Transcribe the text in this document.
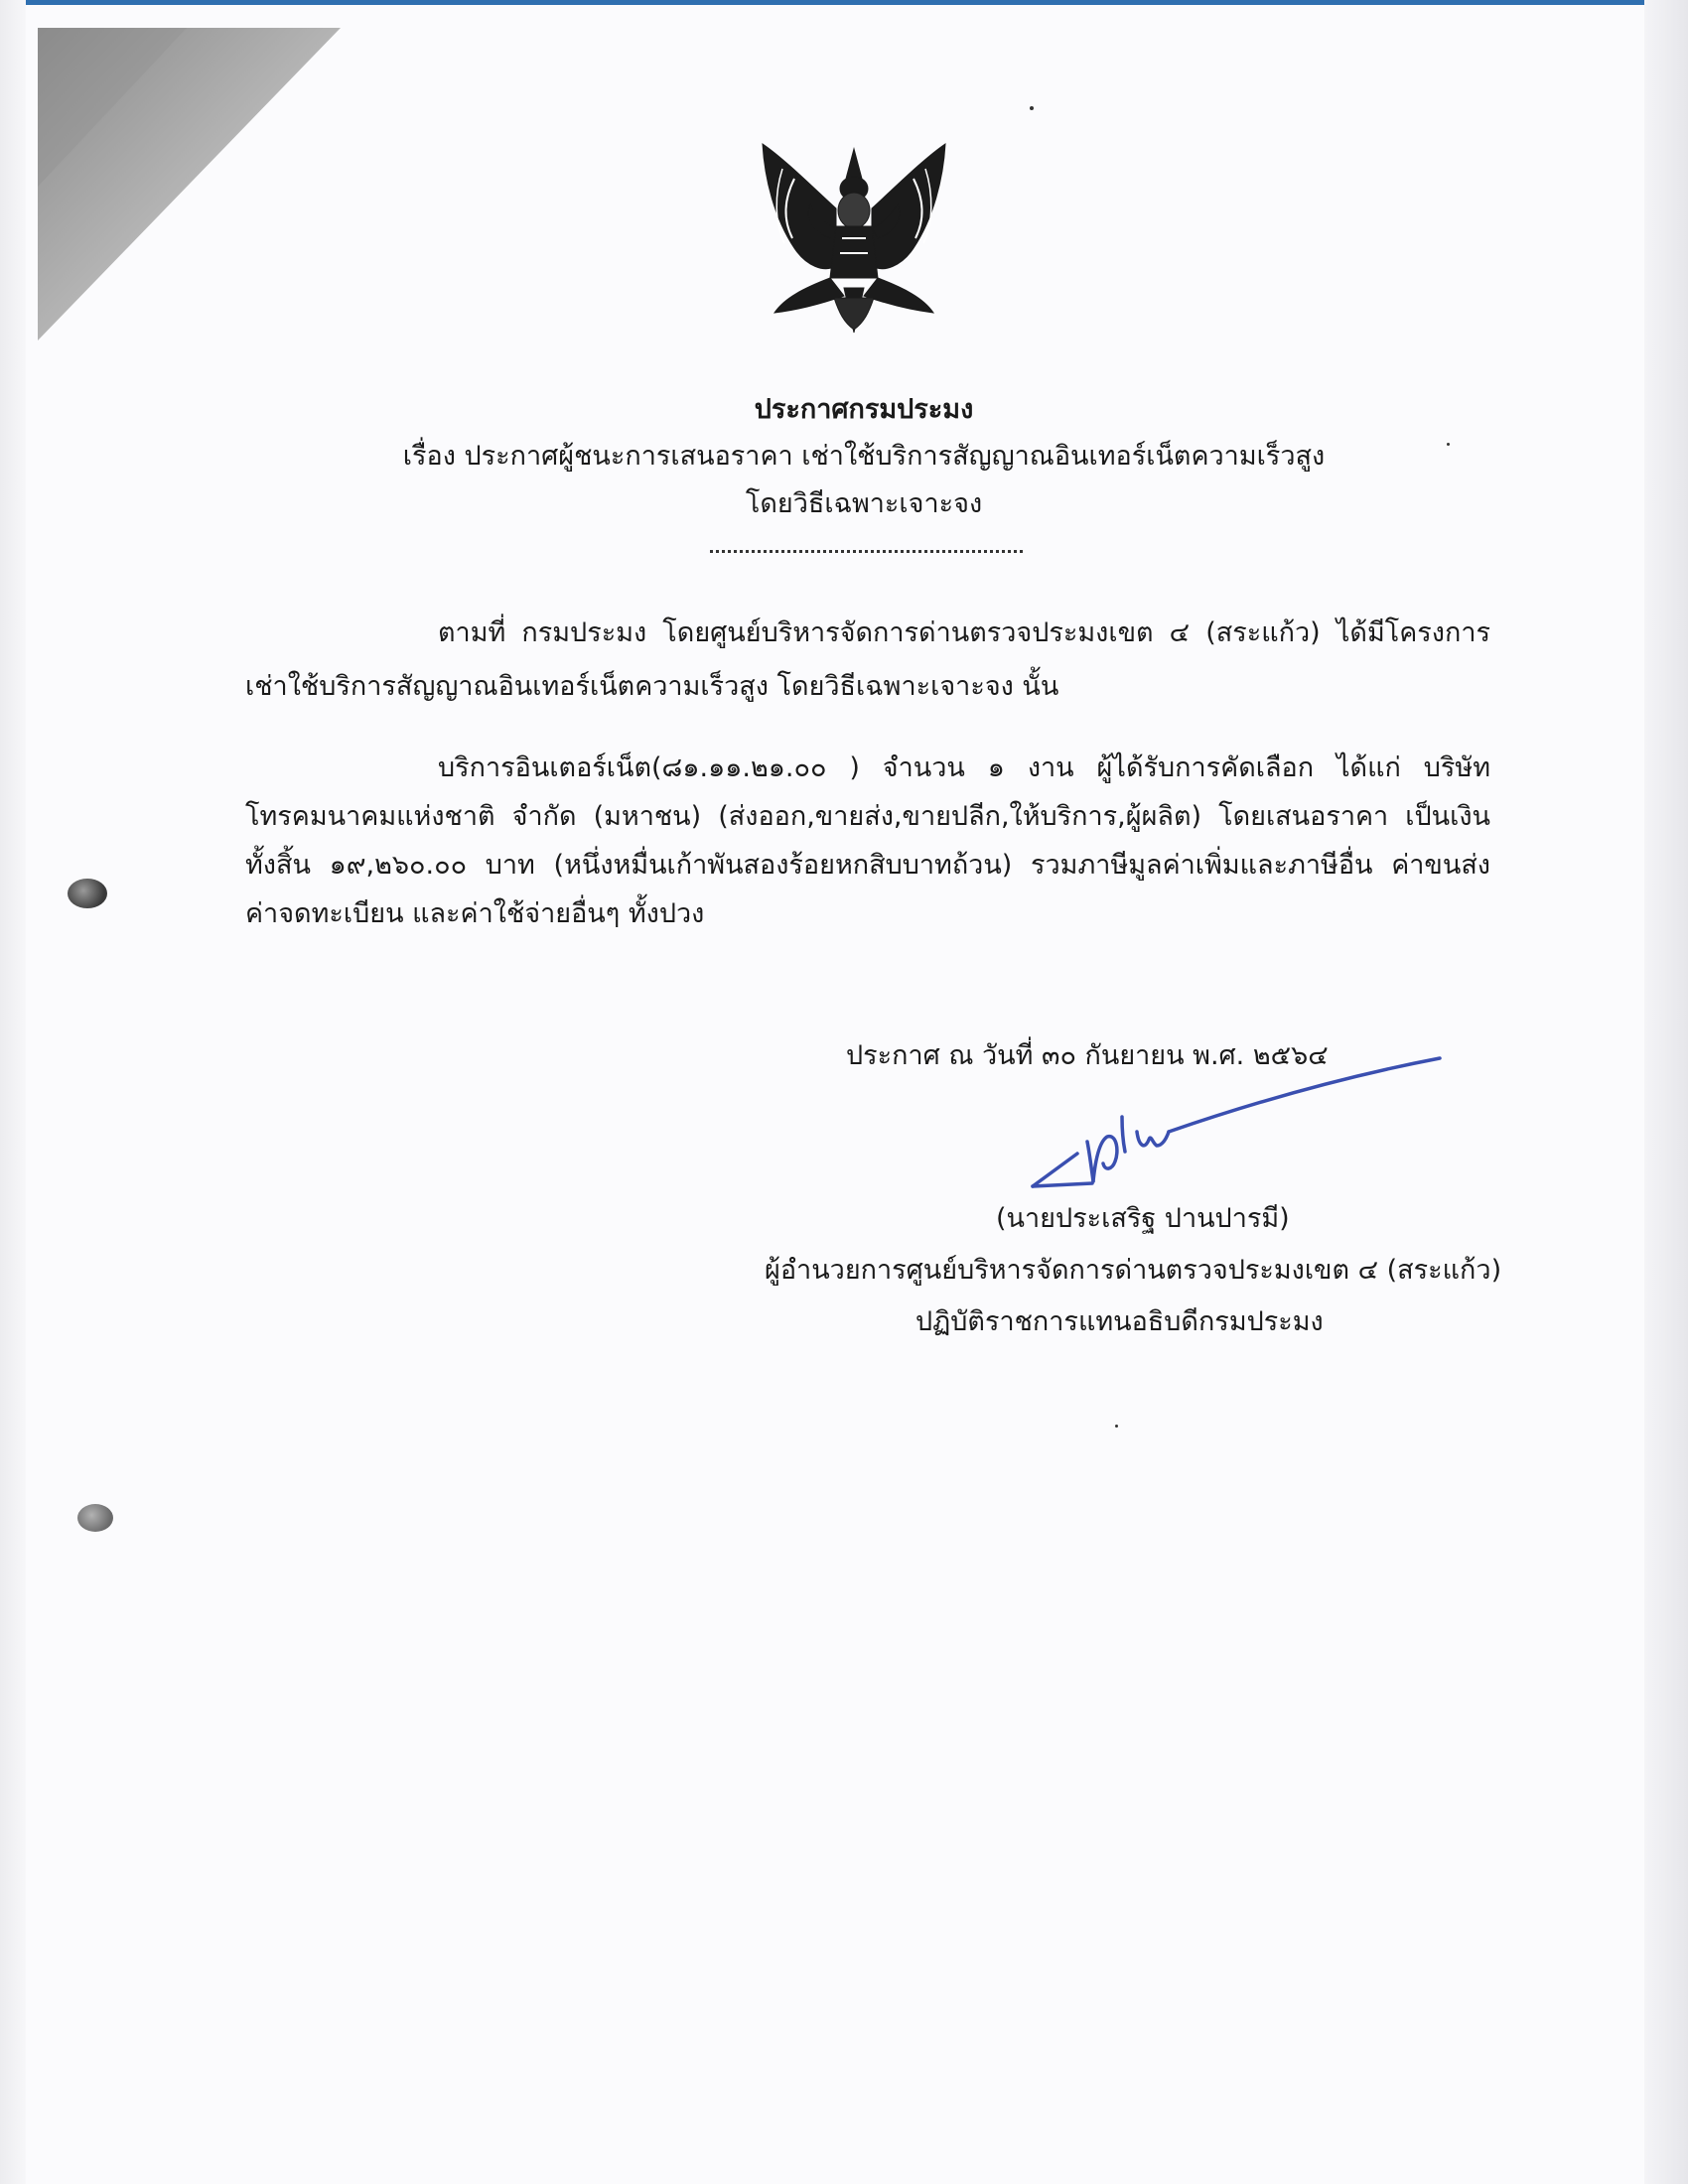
ประกาศกรมประมง
เรื่อง ประกาศผู้ชนะการเสนอราคา เช่าใช้บริการสัญญาณอินเทอร์เน็ตความเร็วสูง
โดยวิธีเฉพาะเจาะจง
ตามที่ กรมประมง โดยศูนย์บริหารจัดการด่านตรวจประมงเขต ๔ (สระแก้ว) ได้มีโครงการ
เช่าใช้บริการสัญญาณอินเทอร์เน็ตความเร็วสูง โดยวิธีเฉพาะเจาะจง นั้น
บริการอินเตอร์เน็ต(๘๑.๑๑.๒๑.๐๐ ) จำนวน ๑ งาน ผู้ได้รับการคัดเลือก ได้แก่ บริษัท
โทรคมนาคมแห่งชาติ จำกัด (มหาชน) (ส่งออก,ขายส่ง,ขายปลีก,ให้บริการ,ผู้ผลิต) โดยเสนอราคา เป็นเงิน
ทั้งสิ้น ๑๙,๒๖๐.๐๐ บาท (หนึ่งหมื่นเก้าพันสองร้อยหกสิบบาทถ้วน) รวมภาษีมูลค่าเพิ่มและภาษีอื่น ค่าขนส่ง
ค่าจดทะเบียน และค่าใช้จ่ายอื่นๆ ทั้งปวง
ประกาศ ณ วันที่ ๓๐ กันยายน พ.ศ. ๒๕๖๔
(นายประเสริฐ ปานปารมี)
ผู้อำนวยการศูนย์บริหารจัดการด่านตรวจประมงเขต ๔ (สระแก้ว)
ปฏิบัติราชการแทนอธิบดีกรมประมง
